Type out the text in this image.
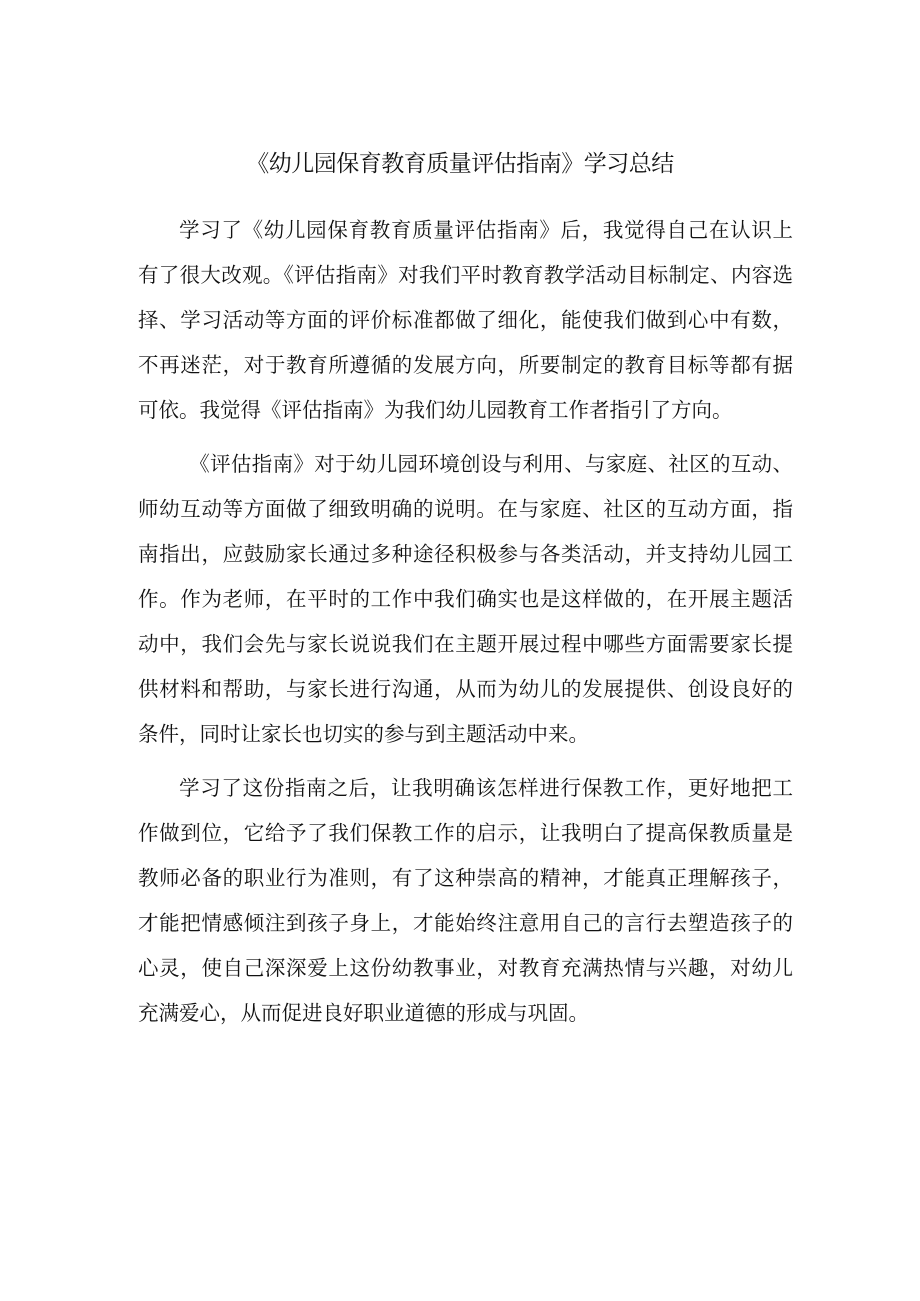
《幼儿园保育教育质量评估指南》学习总结

学习了《幼儿园保育教育质量评估指南》后，我觉得自己在认识上有了很大改观。《评估指南》对我们平时教育教学活动目标制定、内容选择、学习活动等方面的评价标准都做了细化，能使我们做到心中有数，不再迷茫，对于教育所遵循的发展方向，所要制定的教育目标等都有据可依。我觉得《评估指南》为我们幼儿园教育工作者指引了方向。

《评估指南》对于幼儿园环境创设与利用、与家庭、社区的互动、师幼互动等方面做了细致明确的说明。在与家庭、社区的互动方面，指南指出，应鼓励家长通过多种途径积极参与各类活动，并支持幼儿园工作。作为老师，在平时的工作中我们确实也是这样做的，在开展主题活动中，我们会先与家长说说我们在主题开展过程中哪些方面需要家长提供材料和帮助，与家长进行沟通，从而为幼儿的发展提供、创设良好的条件，同时让家长也切实的参与到主题活动中来。

学习了这份指南之后，让我明确该怎样进行保教工作，更好地把工作做到位，它给予了我们保教工作的启示，让我明白了提高保教质量是教师必备的职业行为准则，有了这种崇高的精神，才能真正理解孩子，才能把情感倾注到孩子身上，才能始终注意用自己的言行去塑造孩子的心灵，使自己深深爱上这份幼教事业，对教育充满热情与兴趣，对幼儿充满爱心，从而促进良好职业道德的形成与巩固。
